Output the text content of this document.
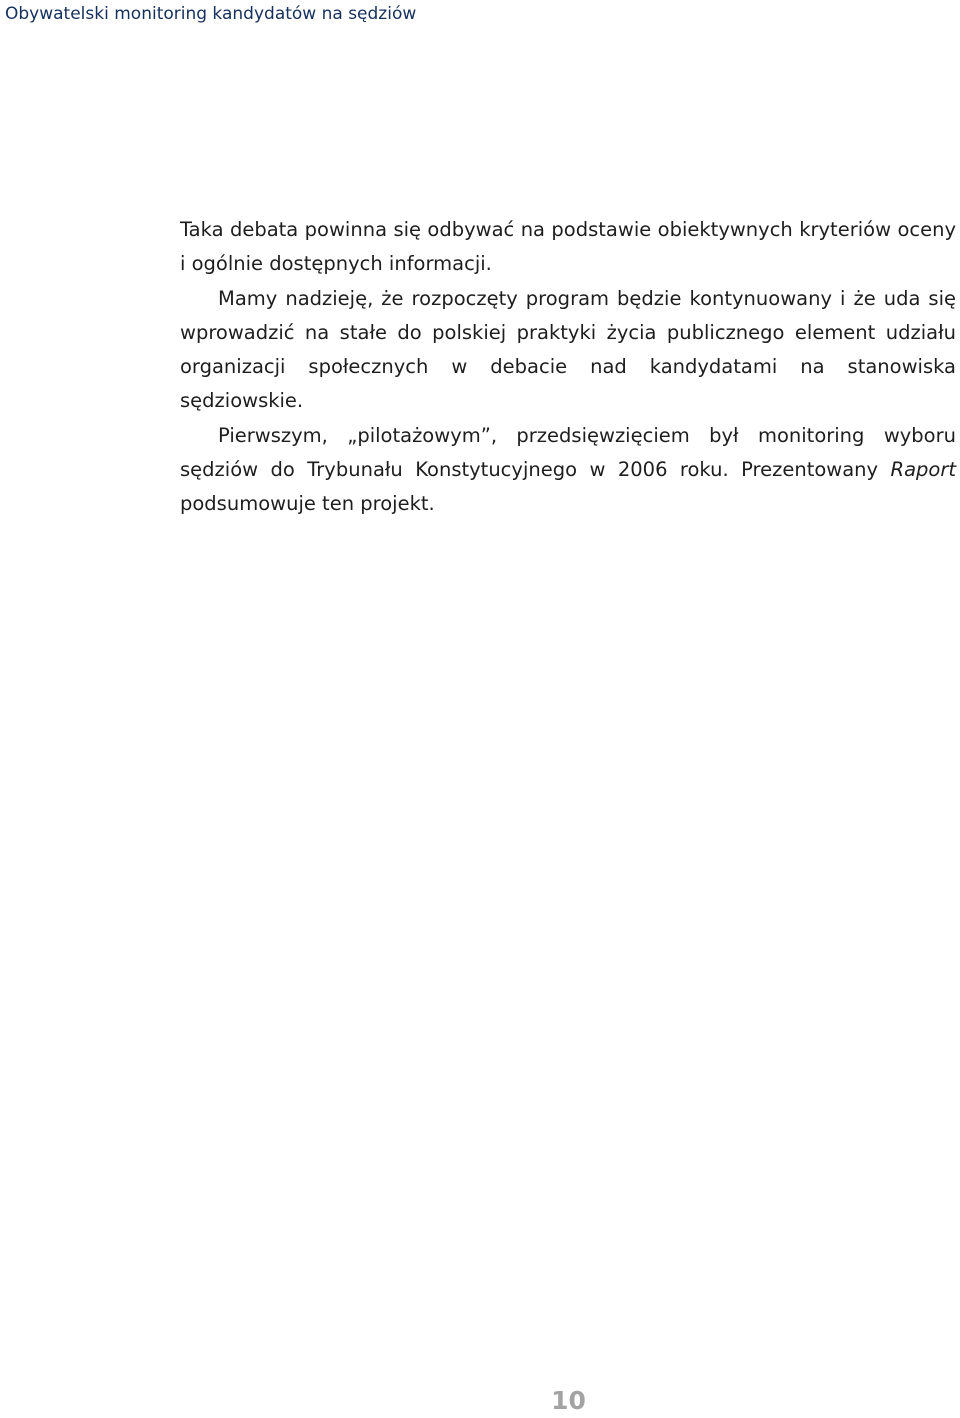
Obywatelski monitoring kandydatów na sędziów

Taka debata powinna się odbywać na podstawie obiektywnych kryteriów oceny i ogólnie dostępnych informacji.

Mamy nadzieję, że rozpoczęty program będzie kontynuowany i że uda się wprowadzić na stałe do polskiej praktyki życia publicznego element udziału organizacji społecznych w debacie nad kandydatami na stanowiska sędziowskie.

Pierwszym, „pilotażowym”, przedsięwzięciem był monitoring wyboru sędziów do Trybunału Konstytucyjnego w 2006 roku. Prezentowany Raport podsumowuje ten projekt.

10
